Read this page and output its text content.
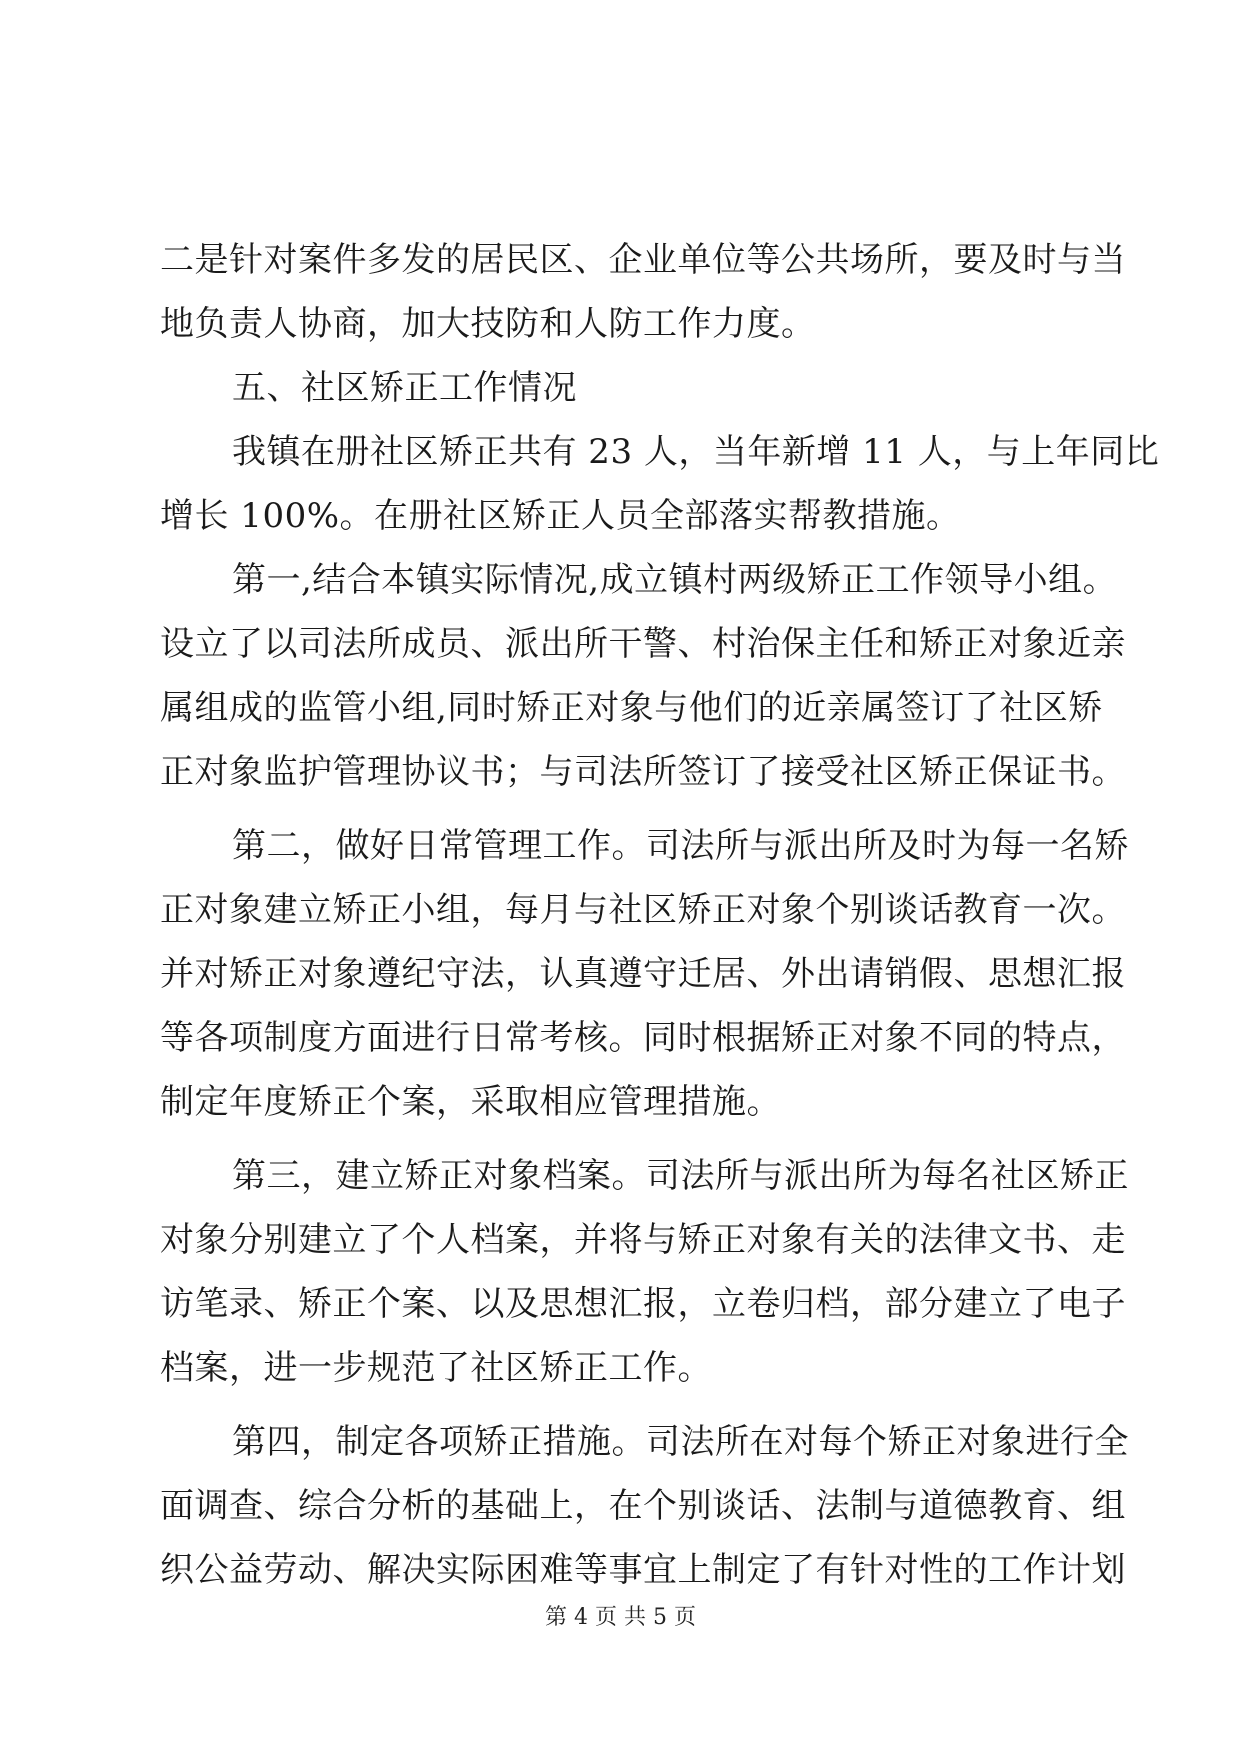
二是针对案件多发的居民区、企业单位等公共场所，要及时与当
地负责人协商，加大技防和人防工作力度。
五、社区矫正工作情况
我镇在册社区矫正共有 23 人，当年新增 11 人，与上年同比
增长 100%。在册社区矫正人员全部落实帮教措施。
第一,结合本镇实际情况,成立镇村两级矫正工作领导小组。
设立了以司法所成员、派出所干警、村治保主任和矫正对象近亲
属组成的监管小组,同时矫正对象与他们的近亲属签订了社区矫
正对象监护管理协议书；与司法所签订了接受社区矫正保证书。
第二，做好日常管理工作。司法所与派出所及时为每一名矫
正对象建立矫正小组，每月与社区矫正对象个别谈话教育一次。
并对矫正对象遵纪守法，认真遵守迁居、外出请销假、思想汇报
等各项制度方面进行日常考核。同时根据矫正对象不同的特点，
制定年度矫正个案，采取相应管理措施。
第三，建立矫正对象档案。司法所与派出所为每名社区矫正
对象分别建立了个人档案，并将与矫正对象有关的法律文书、走
访笔录、矫正个案、以及思想汇报，立卷归档，部分建立了电子
档案，进一步规范了社区矫正工作。
第四，制定各项矫正措施。司法所在对每个矫正对象进行全
面调查、综合分析的基础上，在个别谈话、法制与道德教育、组
织公益劳动、解决实际困难等事宜上制定了有针对性的工作计划
第 4 页 共 5 页
